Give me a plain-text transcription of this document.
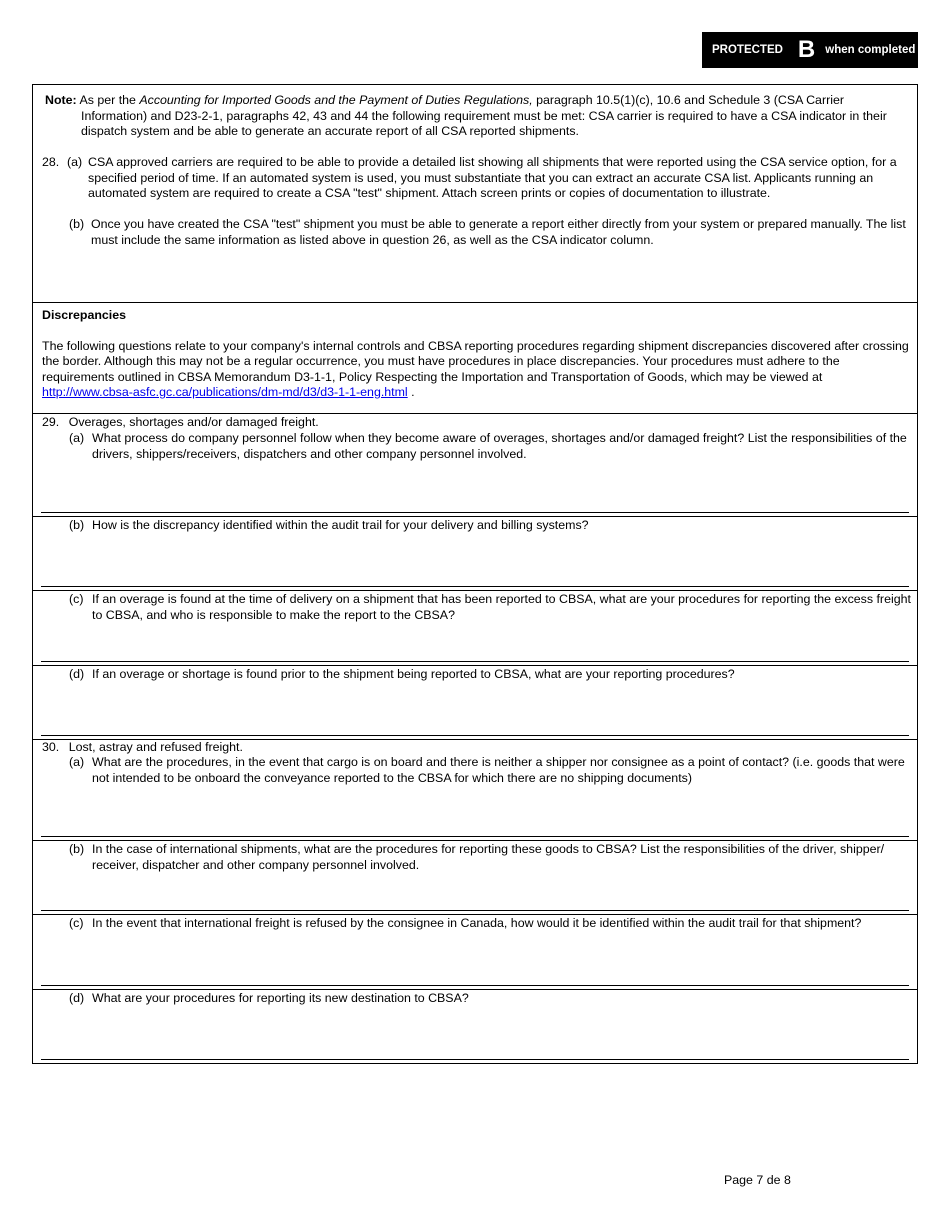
PROTECTED B when completed
Note: As per the Accounting for Imported Goods and the Payment of Duties Regulations, paragraph 10.5(1)(c), 10.6 and Schedule 3 (CSA Carrier Information) and D23-2-1, paragraphs 42, 43 and 44 the following requirement must be met: CSA carrier is required to have a CSA indicator in their dispatch system and be able to generate an accurate report of all CSA reported shipments.
28. (a) CSA approved carriers are required to be able to provide a detailed list showing all shipments that were reported using the CSA service option, for a specified period of time. If an automated system is used, you must substantiate that you can extract an accurate CSA list. Applicants running an automated system are required to create a CSA "test" shipment. Attach screen prints or copies of documentation to illustrate.
(b) Once you have created the CSA "test" shipment you must be able to generate a report either directly from your system or prepared manually. The list must include the same information as listed above in question 26, as well as the CSA indicator column.
Discrepancies
The following questions relate to your company's internal controls and CBSA reporting procedures regarding shipment discrepancies discovered after crossing the border. Although this may not be a regular occurrence, you must have procedures in place discrepancies. Your procedures must adhere to the requirements outlined in CBSA Memorandum D3-1-1, Policy Respecting the Importation and Transportation of Goods, which may be viewed at http://www.cbsa-asfc.gc.ca/publications/dm-md/d3/d3-1-1-eng.html .
29. Overages, shortages and/or damaged freight.
(a) What process do company personnel follow when they become aware of overages, shortages and/or damaged freight? List the responsibilities of the drivers, shippers/receivers, dispatchers and other company personnel involved.
(b) How is the discrepancy identified within the audit trail for your delivery and billing systems?
(c) If an overage is found at the time of delivery on a shipment that has been reported to CBSA, what are your procedures for reporting the excess freight to CBSA, and who is responsible to make the report to the CBSA?
(d) If an overage or shortage is found prior to the shipment being reported to CBSA, what are your reporting procedures?
30. Lost, astray and refused freight.
(a) What are the procedures, in the event that cargo is on board and there is neither a shipper nor consignee as a point of contact? (i.e. goods that were not intended to be onboard the conveyance reported to the CBSA for which there are no shipping documents)
(b) In the case of international shipments, what are the procedures for reporting these goods to CBSA? List the responsibilities of the driver, shipper/ receiver, dispatcher and other company personnel involved.
(c) In the event that international freight is refused by the consignee in Canada, how would it be identified within the audit trail for that shipment?
(d) What are your procedures for reporting its new destination to CBSA?
Page 7 de 8
